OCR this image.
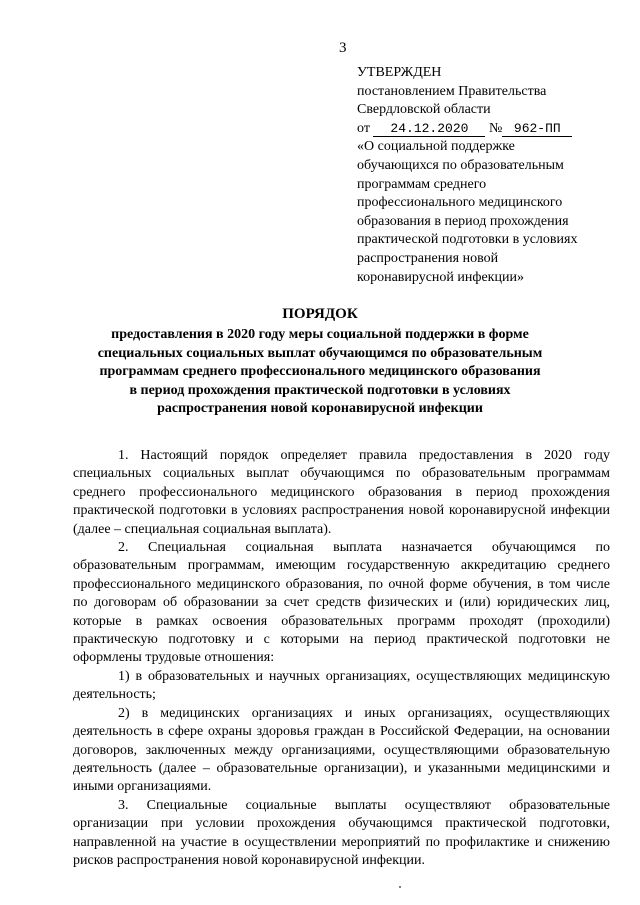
3
УТВЕРЖДЕН
постановлением Правительства
Свердловской области
от 24.12.2020 № 962-ПП
«О социальной поддержке
обучающихся по образовательным
программам среднего
профессионального медицинского
образования в период прохождения
практической подготовки в условиях
распространения новой
коронавирусной инфекции»
ПОРЯДОК
предоставления в 2020 году меры социальной поддержки в форме
специальных социальных выплат обучающимся по образовательным
программам среднего профессионального медицинского образования
в период прохождения практической подготовки в условиях
распространения новой коронавирусной инфекции

1. Настоящий порядок определяет правила предоставления в 2020 году специальных социальных выплат обучающимся по образовательным программам среднего профессионального медицинского образования в период прохождения практической подготовки в условиях распространения новой коронавирусной инфекции (далее – специальная социальная выплата).

2. Специальная социальная выплата назначается обучающимся по образовательным программам, имеющим государственную аккредитацию среднего профессионального медицинского образования, по очной форме обучения, в том числе по договорам об образовании за счет средств физических и (или) юридических лиц, которые в рамках освоения образовательных программ проходят (проходили) практическую подготовку и с которыми на период практической подготовки не оформлены трудовые отношения:

1) в образовательных и научных организациях, осуществляющих медицинскую деятельность;

2) в медицинских организациях и иных организациях, осуществляющих деятельность в сфере охраны здоровья граждан в Российской Федерации, на основании договоров, заключенных между организациями, осуществляющими образовательную деятельность (далее – образовательные организации), и указанными медицинскими и иными организациями.

3. Специальные социальные выплаты осуществляют образовательные организации при условии прохождения обучающимся практической подготовки, направленной на участие в осуществлении мероприятий по профилактике и снижению рисков распространения новой коронавирусной инфекции.
